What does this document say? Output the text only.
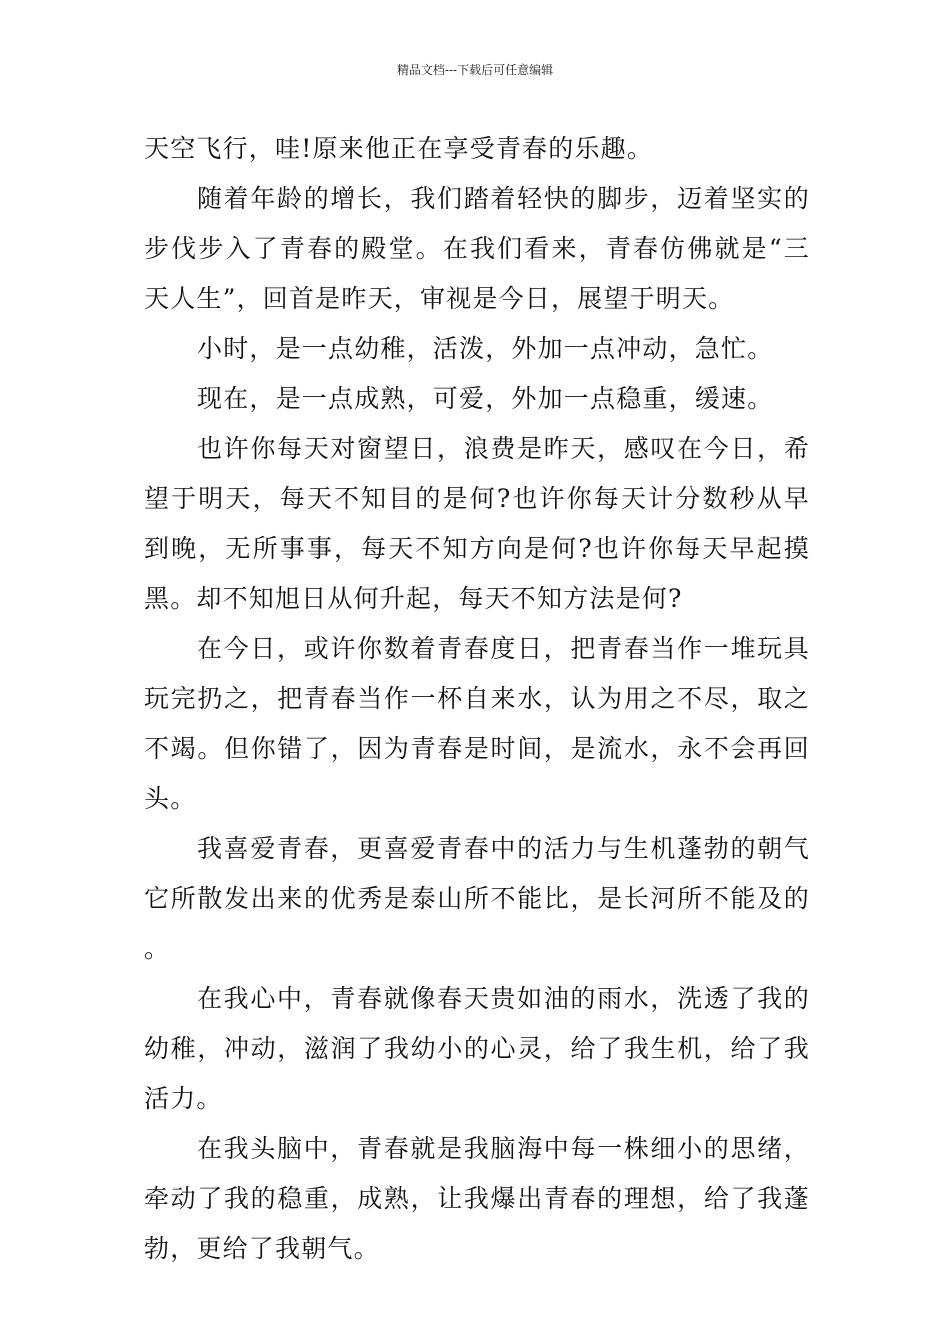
精品文档---下载后可任意编辑

天空飞行，哇!原来他正在享受青春的乐趣。

随着年龄的增长，我们踏着轻快的脚步，迈着坚实的步伐步入了青春的殿堂。在我们看来，青春仿佛就是“三天人生”，回首是昨天，审视是今日，展望于明天。

小时，是一点幼稚，活泼，外加一点冲动，急忙。

现在，是一点成熟，可爱，外加一点稳重，缓速。

也许你每天对窗望日，浪费是昨天，感叹在今日，希望于明天，每天不知目的是何?也许你每天计分数秒从早到晚，无所事事，每天不知方向是何?也许你每天早起摸黑。却不知旭日从何升起，每天不知方法是何?

在今日，或许你数着青春度日，把青春当作一堆玩具玩完扔之，把青春当作一杯自来水，认为用之不尽，取之不竭。但你错了，因为青春是时间，是流水，永不会再回头。

我喜爱青春，更喜爱青春中的活力与生机蓬勃的朝气它所散发出来的优秀是泰山所不能比，是长河所不能及的。

在我心中，青春就像春天贵如油的雨水，洗透了我的幼稚，冲动，滋润了我幼小的心灵，给了我生机，给了我活力。

在我头脑中，青春就是我脑海中每一株细小的思绪，牵动了我的稳重，成熟，让我爆出青春的理想，给了我蓬勃，更给了我朝气。
